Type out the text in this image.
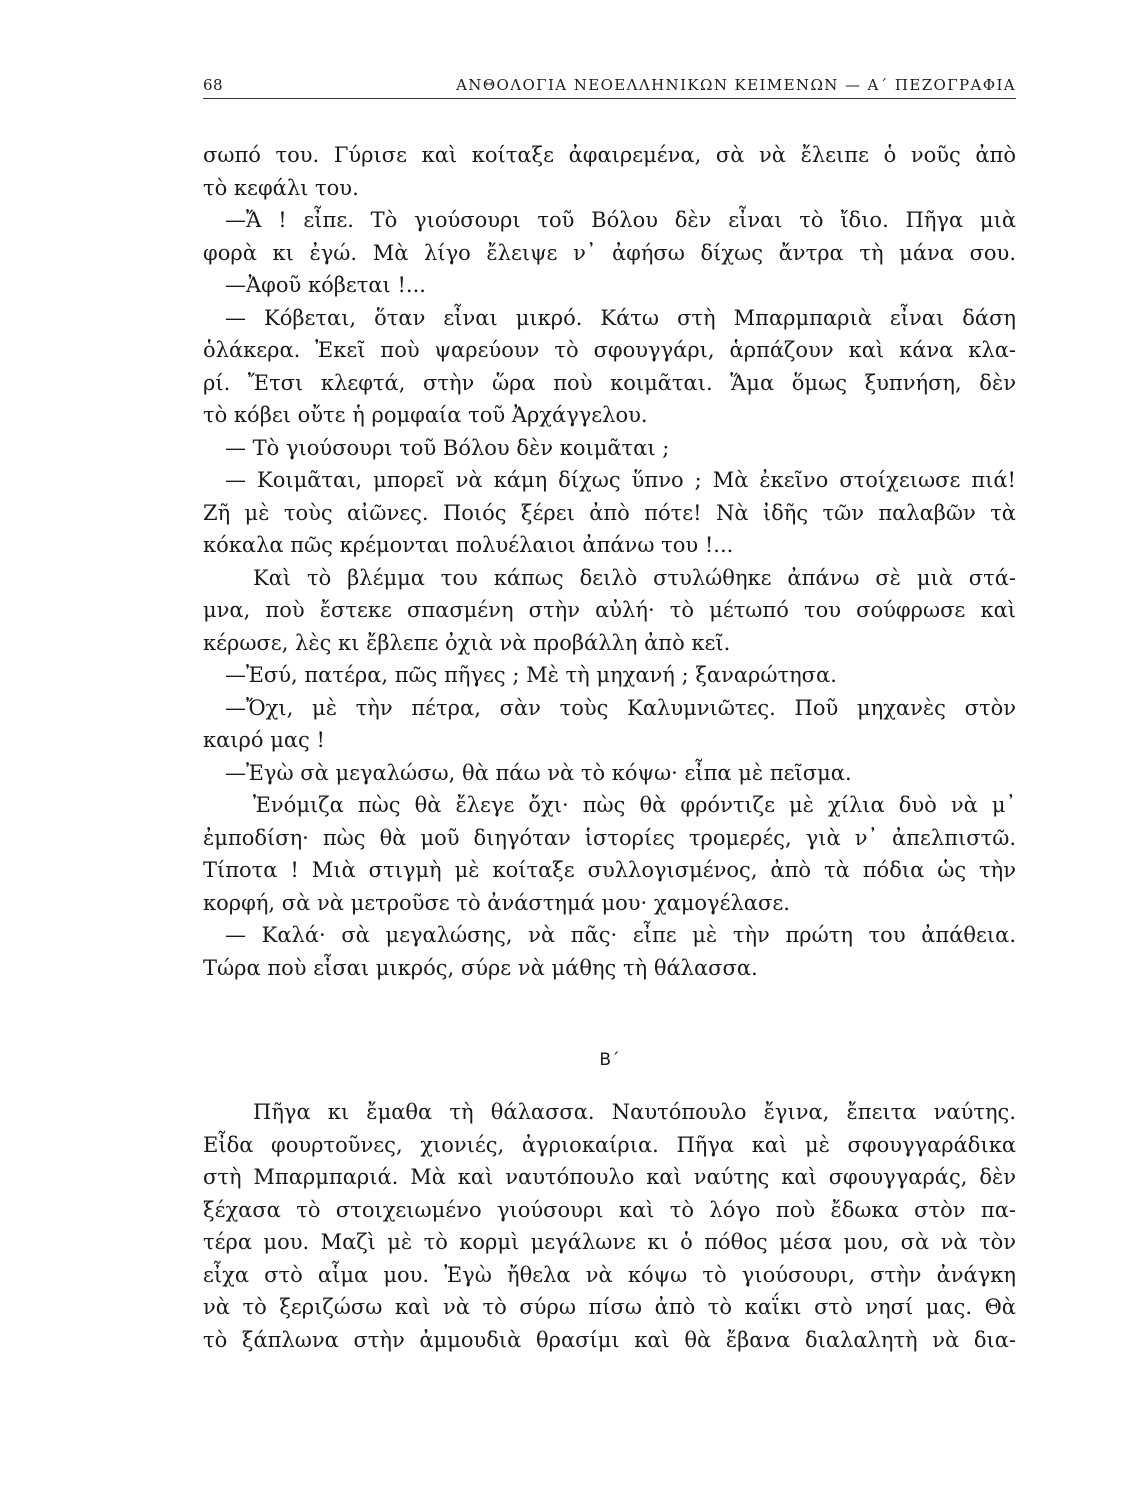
68	ΑΝΘΟΛΟΓΙΑ ΝΕΟΕΛΛΗΝΙΚΩΝ ΚΕΙΜΕΝΩΝ — Α΄ ΠΕΖΟΓΡΑΦΙΑ
σωπό του. Γύρισε καὶ κοίταξε ἀφαιρεμένα, σὰ νὰ ἔλειπε ὁ νοῦς ἀπὸ
τὸ κεφάλι του.
—Ἄ ! εἶπε. Τὸ γιούσουρι τοῦ Βόλου δὲν εἶναι τὸ ἴδιο. Πῆγα μιὰ
φορὰ κι ἐγώ. Μὰ λίγο ἔλειψε ν᾿ ἀφήσω δίχως ἄντρα τὴ μάνα σου.
—Ἀφοῦ κόβεται !...
— Κόβεται, ὅταν εἶναι μικρό. Κάτω στὴ Μπαρμπαριὰ εἶναι δάση
ὁλάκερα. Ἐκεῖ ποὺ ψαρεύουν τὸ σφουγγάρι, ἁρπάζουν καὶ κάνα κλα-
ρί. Ἔτσι κλεφτά, στὴν ὥρα ποὺ κοιμᾶται. Ἅμα ὅμως ξυπνήση, δὲν
τὸ κόβει οὔτε ἡ ρομφαία τοῦ Ἀρχάγγελου.
— Τὸ γιούσουρι τοῦ Βόλου δὲν κοιμᾶται ;
— Κοιμᾶται, μπορεῖ νὰ κάμη δίχως ὕπνο ; Μὰ ἐκεῖνο στοίχειωσε πιά!
Ζῆ μὲ τοὺς αἰῶνες. Ποιός ξέρει ἀπὸ πότε! Νὰ ἰδῆς τῶν παλαβῶν τὰ
κόκαλα πῶς κρέμονται πολυέλαιοι ἀπάνω του !...
Καὶ τὸ βλέμμα του κάπως δειλὸ στυλώθηκε ἀπάνω σὲ μιὰ στά-
μνα, ποὺ ἔστεκε σπασμένη στὴν αὐλή· τὸ μέτωπό του σούφρωσε καὶ
κέρωσε, λὲς κι ἔβλεπε ὀχιὰ νὰ προβάλλη ἀπὸ κεῖ.
—Ἐσύ, πατέρα, πῶς πῆγες ; Μὲ τὴ μηχανή ; ξαναρώτησα.
—Ὄχι, μὲ τὴν πέτρα, σὰν τοὺς Καλυμνιῶτες. Ποῦ μηχανὲς στὸν
καιρό μας !
—Ἐγὼ σὰ μεγαλώσω, θὰ πάω νὰ τὸ κόψω· εἶπα μὲ πεῖσμα.
Ἐνόμιζα πὼς θὰ ἔλεγε ὄχι· πὼς θὰ φρόντιζε μὲ χίλια δυὸ νὰ μ᾿
ἐμποδίση· πὼς θὰ μοῦ διηγόταν ἱστορίες τρομερές, γιὰ ν᾿ ἀπελπιστῶ.
Τίποτα ! Μιὰ στιγμὴ μὲ κοίταξε συλλογισμένος, ἀπὸ τὰ πόδια ὡς τὴν
κορφή, σὰ νὰ μετροῦσε τὸ ἀνάστημά μου· χαμογέλασε.
— Καλά· σὰ μεγαλώσης, νὰ πᾶς· εἶπε μὲ τὴν πρώτη του ἀπάθεια.
Τώρα ποὺ εἶσαι μικρός, σύρε νὰ μάθης τὴ θάλασσα.
Β΄
Πῆγα κι ἔμαθα τὴ θάλασσα. Ναυτόπουλο ἔγινα, ἔπειτα ναύτης.
Εἶδα φουρτοῦνες, χιονιές, ἀγριοκαίρια. Πῆγα καὶ μὲ σφουγγαράδικα
στὴ Μπαρμπαριά. Μὰ καὶ ναυτόπουλο καὶ ναύτης καὶ σφουγγαράς, δὲν
ξέχασα τὸ στοιχειωμένο γιούσουρι καὶ τὸ λόγο ποὺ ἔδωκα στὸν πα-
τέρα μου. Μαζὶ μὲ τὸ κορμὶ μεγάλωνε κι ὁ πόθος μέσα μου, σὰ νὰ τὸν
εἶχα στὸ αἷμα μου. Ἐγὼ ἤθελα νὰ κόψω τὸ γιούσουρι, στὴν ἀνάγκη
νὰ τὸ ξεριζώσω καὶ νὰ τὸ σύρω πίσω ἀπὸ τὸ καΐκι στὸ νησί μας. Θὰ
τὸ ξάπλωνα στὴν ἀμμουδιὰ θρασίμι καὶ θὰ ἔβανα διαλαλητὴ νὰ δια-
